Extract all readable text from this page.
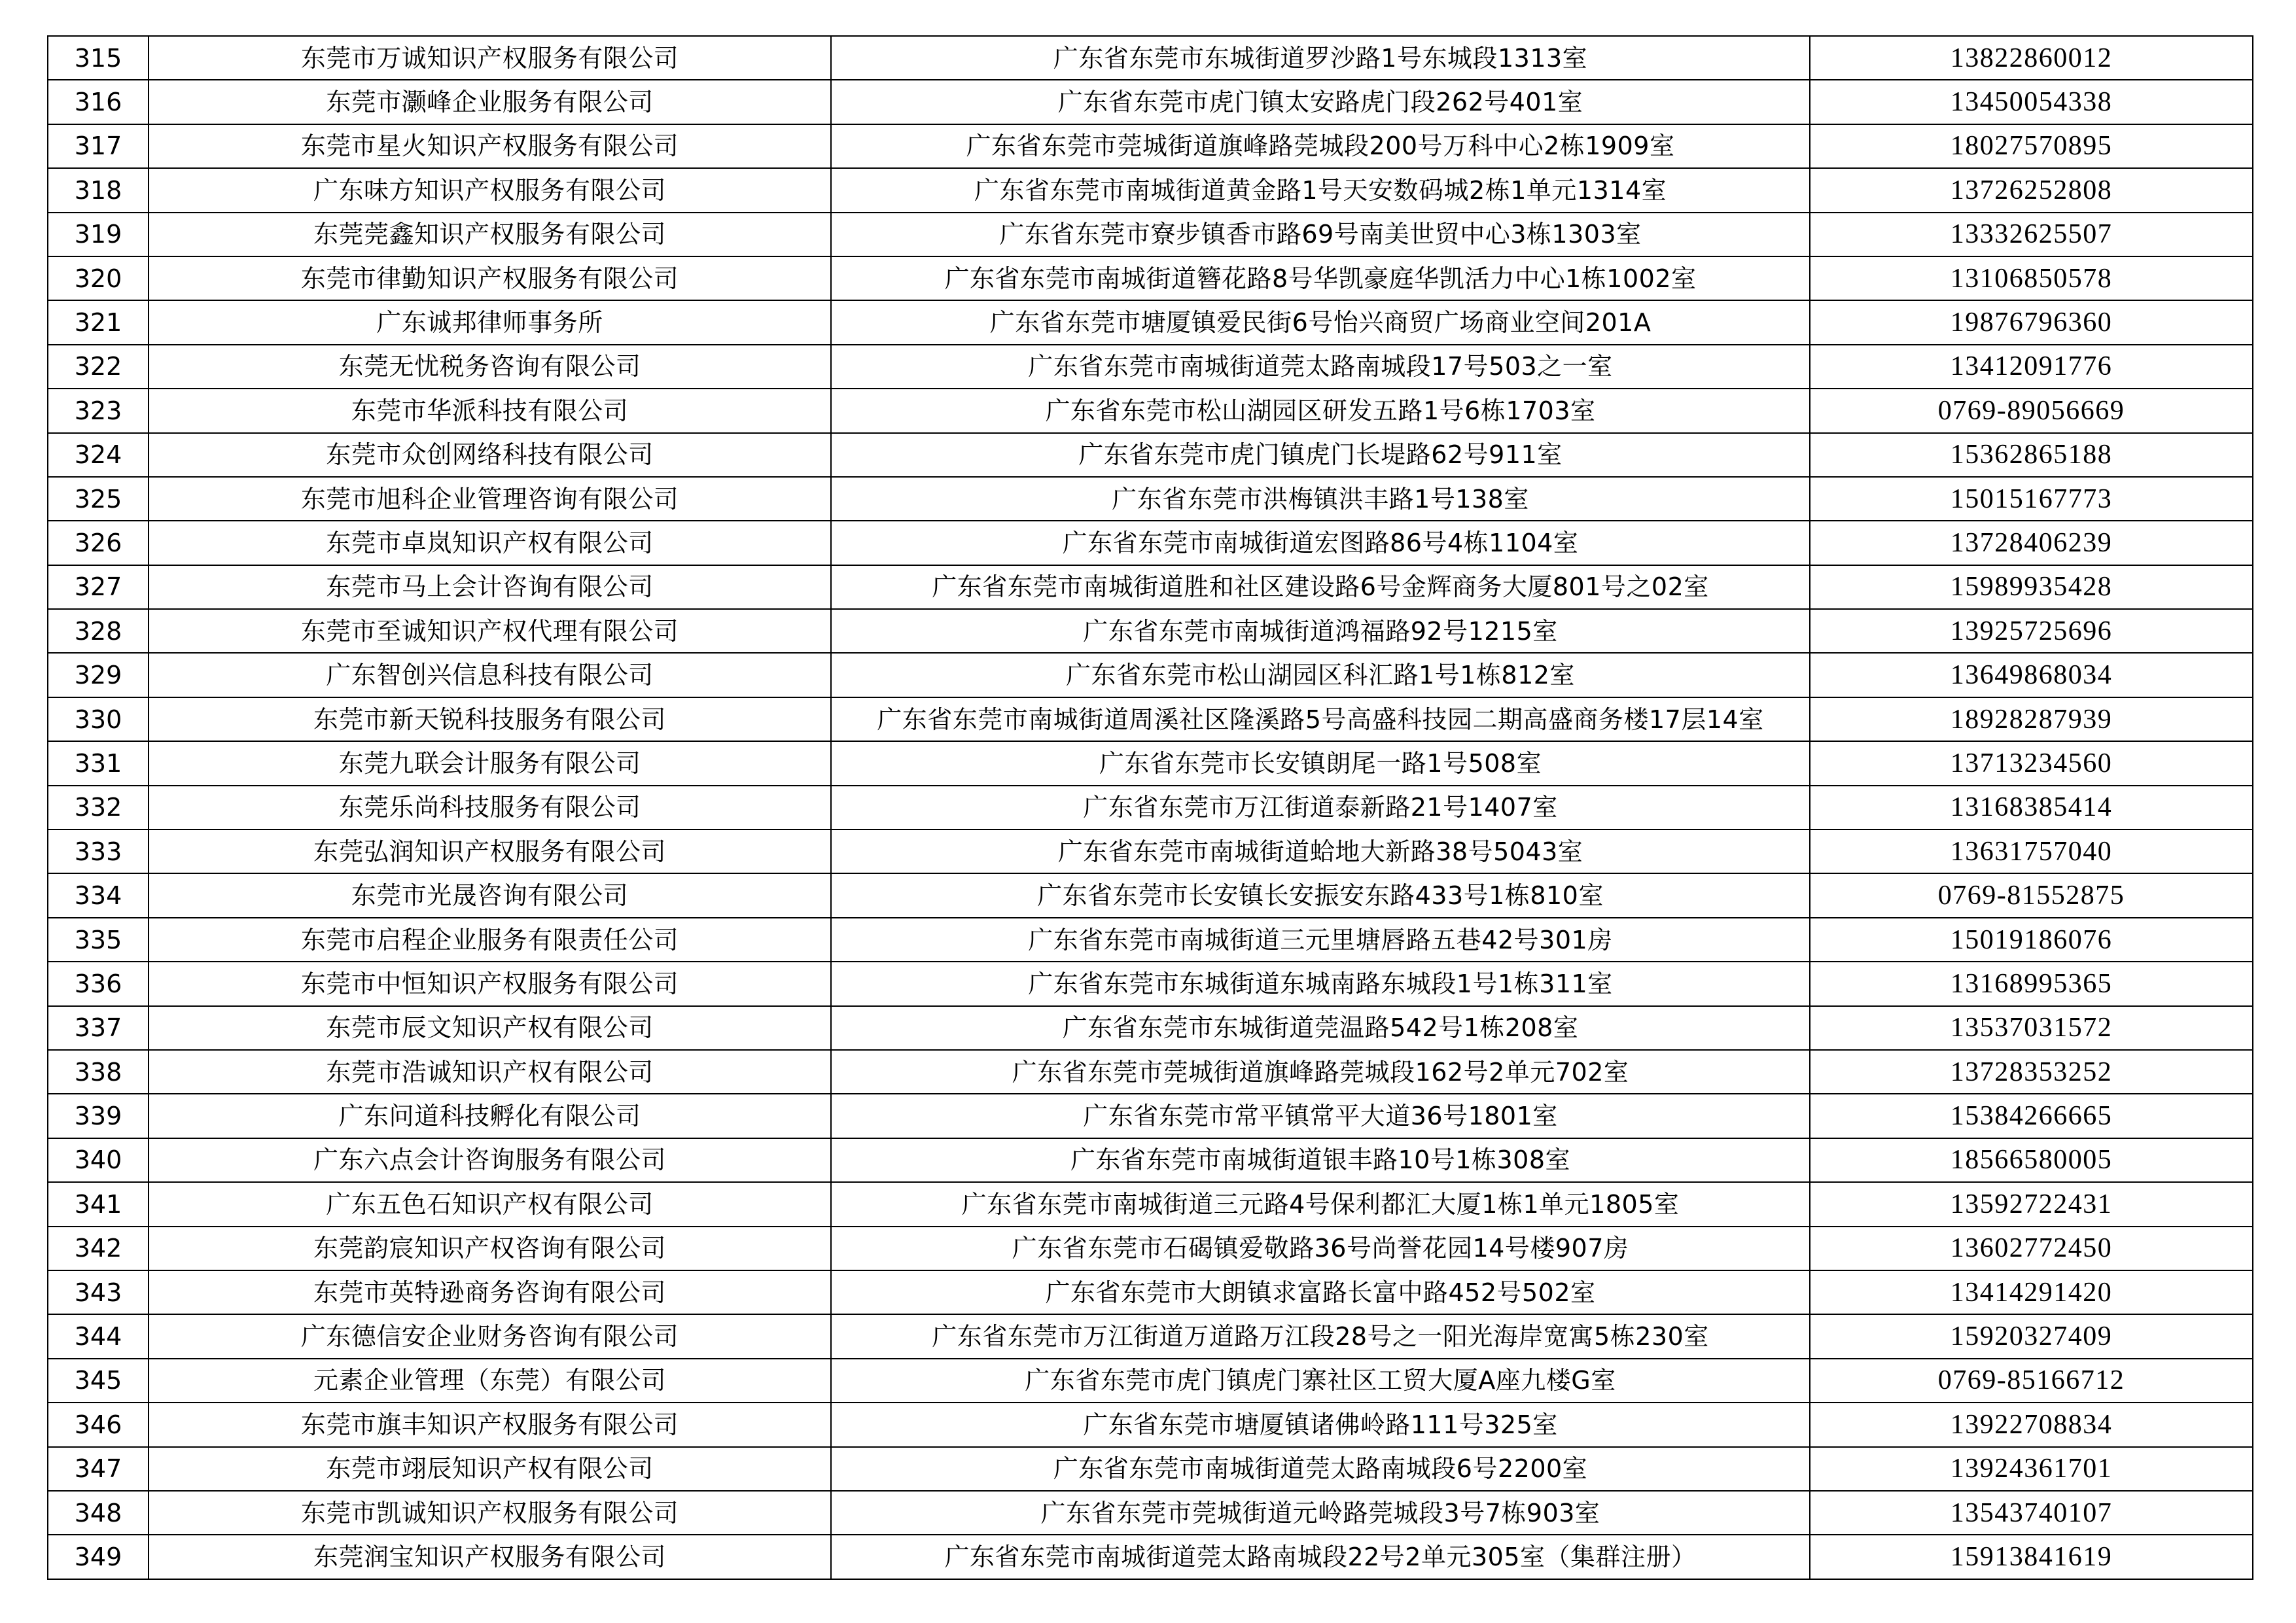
315	东莞市万诚知识产权服务有限公司	广东省东莞市东城街道罗沙路1号东城段1313室	13822860012
316	东莞市灏峰企业服务有限公司	广东省东莞市虎门镇太安路虎门段262号401室	13450054338
317	东莞市星火知识产权服务有限公司	广东省东莞市莞城街道旗峰路莞城段200号万科中心2栋1909室	18027570895
318	广东味方知识产权服务有限公司	广东省东莞市南城街道黄金路1号天安数码城2栋1单元1314室	13726252808
319	东莞莞鑫知识产权服务有限公司	广东省东莞市寮步镇香市路69号南美世贸中心3栋1303室	13332625507
320	东莞市律勤知识产权服务有限公司	广东省东莞市南城街道簪花路8号华凯豪庭华凯活力中心1栋1002室	13106850578
321	广东诚邦律师事务所	广东省东莞市塘厦镇爱民街6号怡兴商贸广场商业空间201A	19876796360
322	东莞无忧税务咨询有限公司	广东省东莞市南城街道莞太路南城段17号503之一室	13412091776
323	东莞市华派科技有限公司	广东省东莞市松山湖园区研发五路1号6栋1703室	0769-89056669
324	东莞市众创网络科技有限公司	广东省东莞市虎门镇虎门长堤路62号911室	15362865188
325	东莞市旭科企业管理咨询有限公司	广东省东莞市洪梅镇洪丰路1号138室	15015167773
326	东莞市卓岚知识产权有限公司	广东省东莞市南城街道宏图路86号4栋1104室	13728406239
327	东莞市马上会计咨询有限公司	广东省东莞市南城街道胜和社区建设路6号金辉商务大厦801号之02室	15989935428
328	东莞市至诚知识产权代理有限公司	广东省东莞市南城街道鸿福路92号1215室	13925725696
329	广东智创兴信息科技有限公司	广东省东莞市松山湖园区科汇路1号1栋812室	13649868034
330	东莞市新天锐科技服务有限公司	广东省东莞市南城街道周溪社区隆溪路5号高盛科技园二期高盛商务楼17层14室	18928287939
331	东莞九联会计服务有限公司	广东省东莞市长安镇朗尾一路1号508室	13713234560
332	东莞乐尚科技服务有限公司	广东省东莞市万江街道泰新路21号1407室	13168385414
333	东莞弘润知识产权服务有限公司	广东省东莞市南城街道蛤地大新路38号5043室	13631757040
334	东莞市光晟咨询有限公司	广东省东莞市长安镇长安振安东路433号1栋810室	0769-81552875
335	东莞市启程企业服务有限责任公司	广东省东莞市南城街道三元里塘唇路五巷42号301房	15019186076
336	东莞市中恒知识产权服务有限公司	广东省东莞市东城街道东城南路东城段1号1栋311室	13168995365
337	东莞市辰文知识产权有限公司	广东省东莞市东城街道莞温路542号1栋208室	13537031572
338	东莞市浩诚知识产权有限公司	广东省东莞市莞城街道旗峰路莞城段162号2单元702室	13728353252
339	广东问道科技孵化有限公司	广东省东莞市常平镇常平大道36号1801室	15384266665
340	广东六点会计咨询服务有限公司	广东省东莞市南城街道银丰路10号1栋308室	18566580005
341	广东五色石知识产权有限公司	广东省东莞市南城街道三元路4号保利都汇大厦1栋1单元1805室	13592722431
342	东莞韵宸知识产权咨询有限公司	广东省东莞市石碣镇爱敬路36号尚誉花园14号楼907房	13602772450
343	东莞市英特逊商务咨询有限公司	广东省东莞市大朗镇求富路长富中路452号502室	13414291420
344	广东德信安企业财务咨询有限公司	广东省东莞市万江街道万道路万江段28号之一阳光海岸宽寓5栋230室	15920327409
345	元素企业管理（东莞）有限公司	广东省东莞市虎门镇虎门寨社区工贸大厦A座九楼G室	0769-85166712
346	东莞市旗丰知识产权服务有限公司	广东省东莞市塘厦镇诸佛岭路111号325室	13922708834
347	东莞市翊辰知识产权有限公司	广东省东莞市南城街道莞太路南城段6号2200室	13924361701
348	东莞市凯诚知识产权服务有限公司	广东省东莞市莞城街道元岭路莞城段3号7栋903室	13543740107
349	东莞润宝知识产权服务有限公司	广东省东莞市南城街道莞太路南城段22号2单元305室（集群注册）	15913841619
